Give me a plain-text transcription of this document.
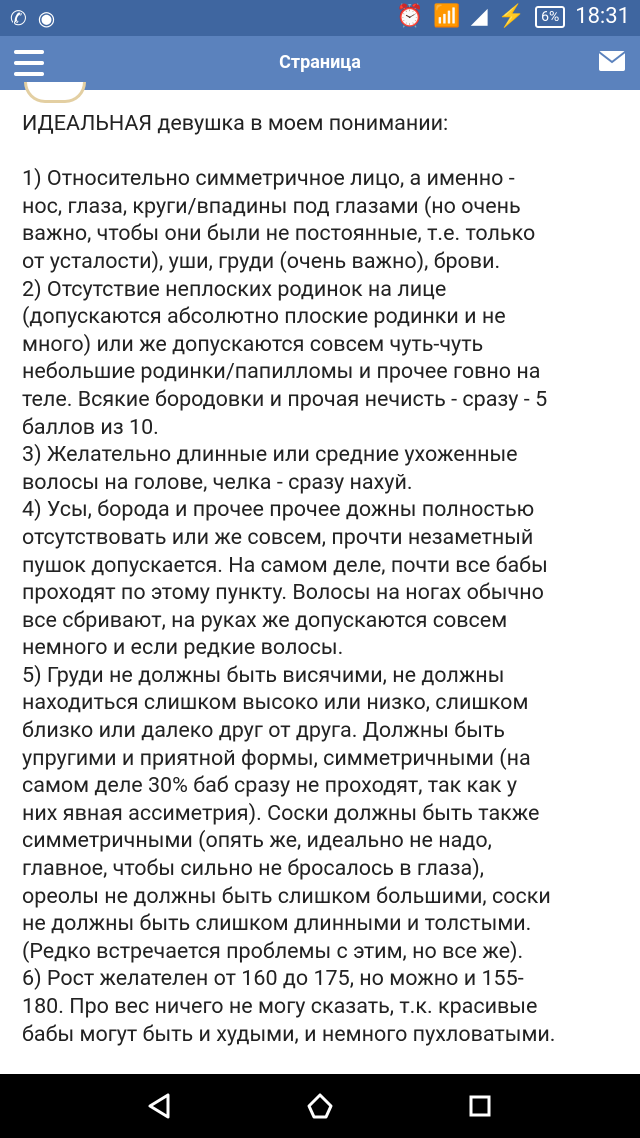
✆ ◉	⏰ 📶 ◢ ⚡	6% 18:31
Страница
ИДЕАЛЬНАЯ девушка в моем понимании:

1) Относительно симметричное лицо, а именно -
нос, глаза, круги/впадины под глазами (но очень
важно, чтобы они были не постоянные, т.е. только
от усталости), уши, груди (очень важно), брови.
2) Отсутствие неплоских родинок на лице
(допускаются абсолютно плоские родинки и не
много) или же допускаются совсем чуть-чуть
небольшие родинки/папилломы и прочее говно на
теле. Всякие бородовки и прочая нечисть - сразу - 5
баллов из 10.
3) Желательно длинные или средние ухоженные
волосы на голове, челка - сразу нахуй.
4) Усы, борода и прочее прочее дожны полностью
отсутствовать или же совсем, прочти незаметный
пушок допускается. На самом деле, почти все бабы
проходят по этому пункту. Волосы на ногах обычно
все сбривают, на руках же допускаются совсем
немного и если редкие волосы.
5) Груди не должны быть висячими, не должны
находиться слишком высоко или низко, слишком
близко или далеко друг от друга. Должны быть
упругими и приятной формы, симметричными (на
самом деле 30% баб сразу не проходят, так как у
них явная ассиметрия). Соски должны быть также
симметричными (опять же, идеально не надо,
главное, чтобы сильно не бросалось в глаза),
ореолы не должны быть слишком большими, соски
не должны быть слишком длинными и толстыми.
(Редко встречается проблемы с этим, но все же).
6) Рост желателен от 160 до 175, но можно и 155-
180. Про вес ничего не могу сказать, т.к. красивые
бабы могут быть и худыми, и немного пухловатыми.
